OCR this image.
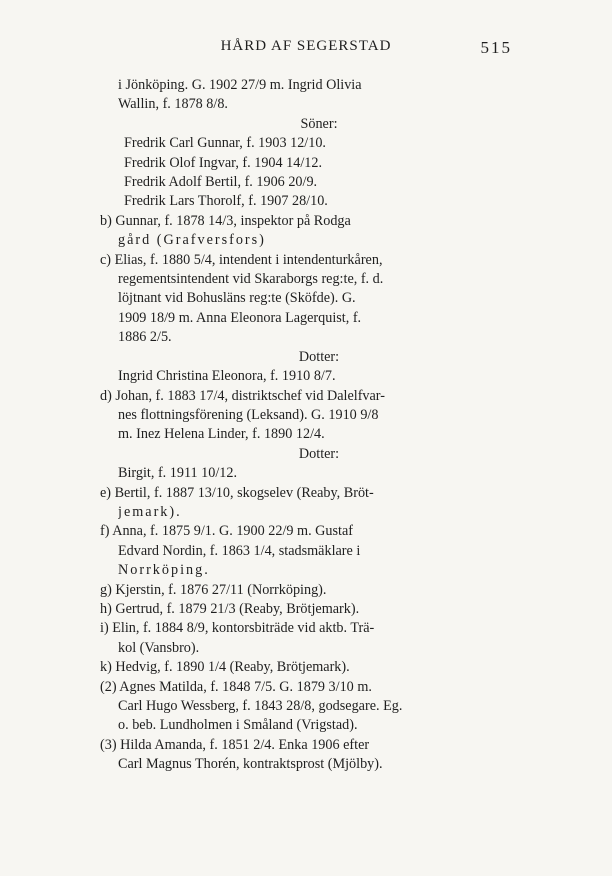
HÅRD AF SEGERSTAD	515
i Jönköping. G. 1902 27/9 m. Ingrid Olivia
Wallin, f. 1878 8/8.
Söner:
Fredrik Carl Gunnar, f. 1903 12/10.
Fredrik Olof Ingvar, f. 1904 14/12.
Fredrik Adolf Bertil, f. 1906 20/9.
Fredrik Lars Thorolf, f. 1907 28/10.
b) Gunnar, f. 1878 14/3, inspektor på Rodga
gård (Grafversfors)
c) Elias, f. 1880 5/4, intendent i intendenturkåren,
regementsintendent vid Skaraborgs reg:te, f. d.
löjtnant vid Bohusläns reg:te (Sköfde). G.
1909 18/9 m. Anna Eleonora Lagerquist, f.
1886 2/5.
Dotter:
Ingrid Christina Eleonora, f. 1910 8/7.
d) Johan, f. 1883 17/4, distriktschef vid Dalelfvar-
nes flottningsförening (Leksand). G. 1910 9/8
m. Inez Helena Linder, f. 1890 12/4.
Dotter:
Birgit, f. 1911 10/12.
e) Bertil, f. 1887 13/10, skogselev (Reaby, Bröt-
jemark).
f) Anna, f. 1875 9/1. G. 1900 22/9 m. Gustaf
Edvard Nordin, f. 1863 1/4, stadsmäklare i
Norrköping.
g) Kjerstin, f. 1876 27/11 (Norrköping).
h) Gertrud, f. 1879 21/3 (Reaby, Brötjemark).
i) Elin, f. 1884 8/9, kontorsbiträde vid aktb. Trä-
kol (Vansbro).
k) Hedvig, f. 1890 1/4 (Reaby, Brötjemark).
(2) Agnes Matilda, f. 1848 7/5. G. 1879 3/10 m.
Carl Hugo Wessberg, f. 1843 28/8, godsegare. Eg.
o. beb. Lundholmen i Småland (Vrigstad).
(3) Hilda Amanda, f. 1851 2/4. Enka 1906 efter
Carl Magnus Thorén, kontraktsprost (Mjölby).
